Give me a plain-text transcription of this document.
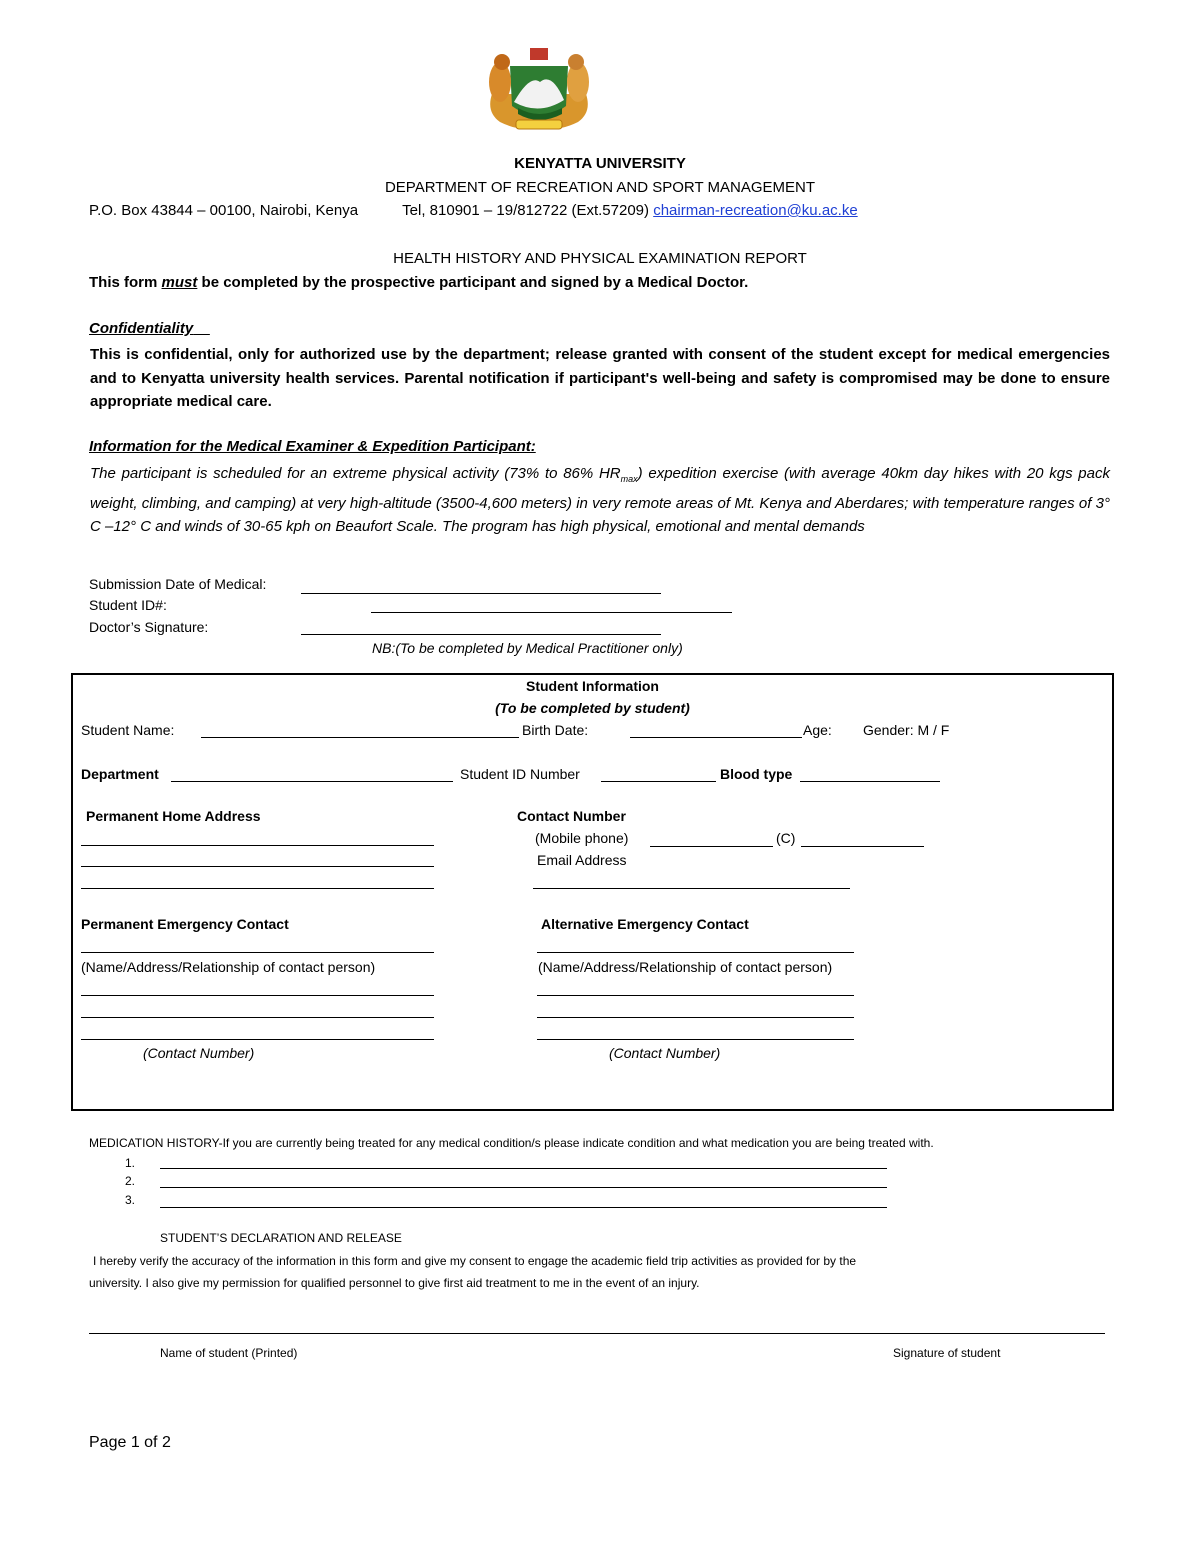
KENYATTA UNIVERSITY
DEPARTMENT OF RECREATION AND SPORT MANAGEMENT
P.O. Box 43844 – 00100, Nairobi, Kenya	Tel, 810901 – 19/812722 (Ext.57209) chairman-recreation@ku.ac.ke
HEALTH HISTORY AND PHYSICAL EXAMINATION REPORT
This form must be completed by the prospective participant and signed by a Medical Doctor.
Confidentiality
This is confidential, only for authorized use by the department; release granted with consent of the student except for medical emergencies and to Kenyatta university health services. Parental notification if participant's well-being and safety is compromised may be done to ensure appropriate medical care.
Information for the Medical Examiner & Expedition Participant:
The participant is scheduled for an extreme physical activity (73% to 86% $HR_{max}$) expedition exercise (with average 40km day hikes with 20 kgs pack weight, climbing, and camping) at very high-altitude (3500-4,600 meters) in very remote areas of Mt. Kenya and Aberdares; with temperature ranges of 3° C –12° C and winds of 30-65 kph on Beaufort Scale. The program has high physical, emotional and mental demands
Submission Date of Medical:
Student ID#:
Doctor’s Signature:
NB:(To be completed by Medical Practitioner only)
Student Information
(To be completed by student)
Student Name:	Birth Date:	Age: Gender: M / F
Department	Student ID Number	Blood type
Permanent Home Address	Contact Number
(Mobile phone)	(C)
Email Address
Permanent Emergency Contact
(Name/Address/Relationship of contact person)
(Contact Number)
Alternative Emergency Contact
(Name/Address/Relationship of contact person)
(Contact Number)
MEDICATION HISTORY-If you are currently being treated for any medical condition/s please indicate condition and what medication you are being treated with.
1.
2.
3.
STUDENT’S DECLARATION AND RELEASE
I hereby verify the accuracy of the information in this form and give my consent to engage the academic field trip activities as provided for by the
university. I also give my permission for qualified personnel to give first aid treatment to me in the event of an injury.
Name of student (Printed)	Signature of student
Page 1 of 2
